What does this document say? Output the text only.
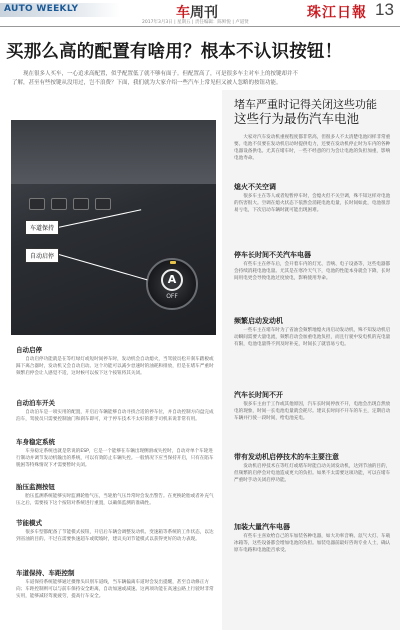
AUTO WEEKLY	车周刊	珠江日報 13
2017年3月3日 | 星期五 | 责任编辑：陈鲜悦 | 卢道贤
买那么高的配置有啥用？根本不认识按钮！
现在很多人买车，一心追求高配置，似乎配置低了就不够有面子。但配置高了，可是很多车主对车上的按键却并不了解，甚至有些按键从没用过，岂不浪费？下面，我们就为大家介绍一些汽车上常见但又被人忽略的按钮功能。
A
OFF
车道保持
自动启停
堵车严重时记得关闭这些功能
这些行为最伤汽车电池
大家对汽车发动机重视程度都非常高，但很多人不太清楚电池同样非常重要。电池不仅要在发动机启动时提供电力，还要在发动机停止时为车内的各种电器设备供电。尤其在堵车时，一些不经意的行为会让电池的负担加重，影响电池寿命。
熄火不关空调
很多车主在等人或者短暂停车时，会熄火但不关空调，殊不知这样对电池的伤害很大。空调在熄火状态下依然会消耗电池电量，长时间如此，电池很容易亏电，下次启动车辆时就可能出现困难。
停车长时间不关汽车电器
有些车主在停车后，会开着车内的灯光、音响、电子设备等，这些电器都会持续消耗电池电量。尤其是在寒冷天气下，电池的性能本身就会下降，长时间用电更会导致电池过度放电，影响使用寿命。
频繁启动发动机
一些车主在堵车时为了省油会频繁地熄火再启动发动机，殊不知发动机启动瞬间需要大量电流，频繁启动会加重电池负担，而且行驶中发电机的充电量有限，电池电量得不到及时补充，时间长了就容易亏电。
汽车长时间不开
很多车主由于工作或其他原因，汽车长时间停放不开，电池会出现自然放电的现象，时间一长电池电量就会耗尽。建议长时间不开车的车主，定期启动车辆并行驶一段时间，给电池充电。
带有发动机启停技术的车主要注意
发动机启停技术在等红灯或堵车时能自动关闭发动机，达到节油的目的，但频繁的启停会对电池造成更大的负担。如果不太需要这项功能，可以在堵车严重时手动关闭启停功能。
加装大量汽车电器
有些车主喜欢给自己的车加装各种电器，如大功率音响、氙气大灯、车载冰箱等，这些设备都会增加电池的负担。加装电器前最好咨询专业人士，确认原车电路和电池能否承受。
自动启停
自动启停功能就是在等红绿灯或短时间停车时，发动机会自动熄火，当驾驶员松开刹车踏板或踩下离合器时，发动机又会自动启动。这个功能可以减少怠速时的油耗和排放，但是在堵车严重时频繁启停会让人感觉不适，这时候可以按下这个按钮将其关闭。
自动泊车开关
自动泊车是一项实用的配置，开启后车辆能够自动寻找合适的停车位，并自动控制方向盘完成泊车，驾驶员只需要控制油门和刹车即可，对于停车技术不太好的新手司机来说非常有用。
车身稳定系统
车身稳定系统也就是常说的ESP，它是一个能够在车辆出现侧滑或失控时，自动对单个车轮进行制动并调节发动机输出的系统，可以有效防止车辆失控。一般情况下应当保持开启，只有在陷车脱困等特殊情况下才需要暂时关闭。
胎压监测按钮
胎压监测系统能够实时监测轮胎气压，当轮胎气压异常时会发出警告。在更换轮胎或者补充气压之后，需要按下这个按钮对系统进行重置，以确保监测的准确性。
节能模式
很多车型都配备了节能模式按钮，开启后车辆会调整发动机、变速箱等系统的工作状态，以达到省油的目的。不过在需要快速超车或爬坡时，建议关闭节能模式以获得更好的动力表现。
车道保持、车距控制
车道保持系统能够通过摄像头识别车道线，当车辆偏离车道时会发出提醒，甚至自动修正方向；车距控制则可以与前车保持安全距离，自动加速或减速。这两项功能在高速公路上行驶时非常实用，能够减轻驾驶疲劳，提高行车安全。
